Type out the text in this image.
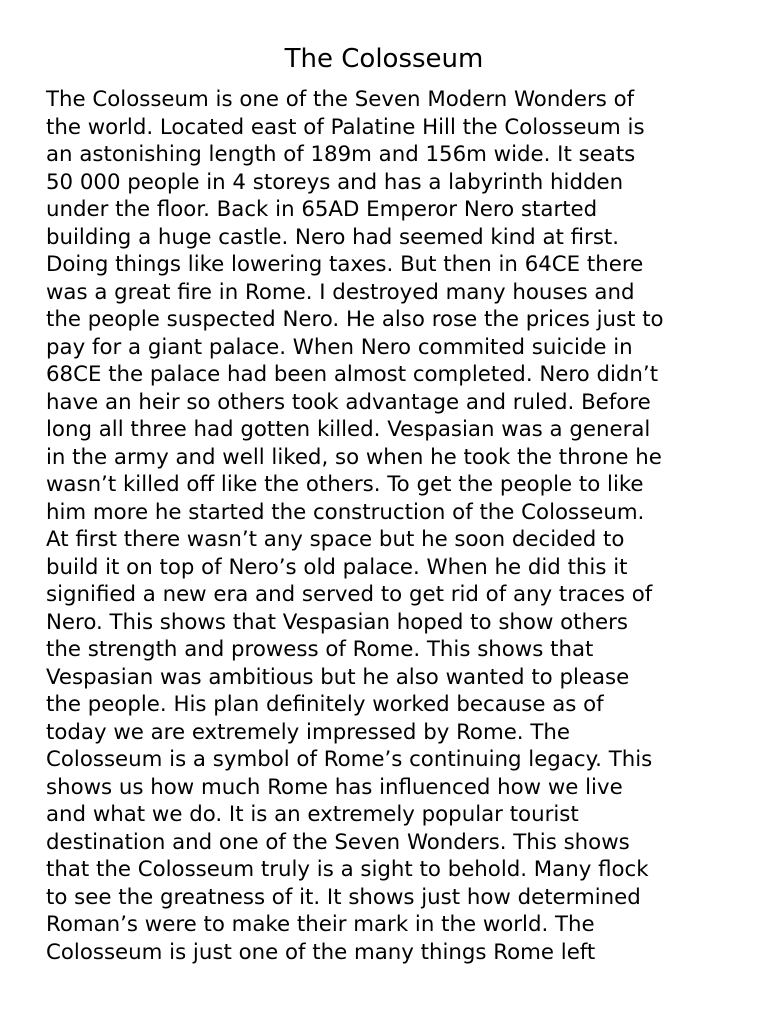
The Colosseum

The Colosseum is one of the Seven Modern Wonders of
the world. Located east of Palatine Hill the Colosseum is
an astonishing length of 189m and 156m wide. It seats
50 000 people in 4 storeys and has a labyrinth hidden
under the floor. Back in 65AD Emperor Nero started
building a huge castle. Nero had seemed kind at first.
Doing things like lowering taxes. But then in 64CE there
was a great fire in Rome. I destroyed many houses and
the people suspected Nero. He also rose the prices just to
pay for a giant palace. When Nero commited suicide in
68CE the palace had been almost completed. Nero didn’t
have an heir so others took advantage and ruled. Before
long all three had gotten killed. Vespasian was a general
in the army and well liked, so when he took the throne he
wasn’t killed off like the others. To get the people to like
him more he started the construction of the Colosseum.
At first there wasn’t any space but he soon decided to
build it on top of Nero’s old palace. When he did this it
signified a new era and served to get rid of any traces of
Nero. This shows that Vespasian hoped to show others
the strength and prowess of Rome. This shows that
Vespasian was ambitious but he also wanted to please
the people. His plan definitely worked because as of
today we are extremely impressed by Rome. The
Colosseum is a symbol of Rome’s continuing legacy. This
shows us how much Rome has influenced how we live
and what we do. It is an extremely popular tourist
destination and one of the Seven Wonders. This shows
that the Colosseum truly is a sight to behold. Many flock
to see the greatness of it. It shows just how determined
Roman’s were to make their mark in the world. The
Colosseum is just one of the many things Rome left
